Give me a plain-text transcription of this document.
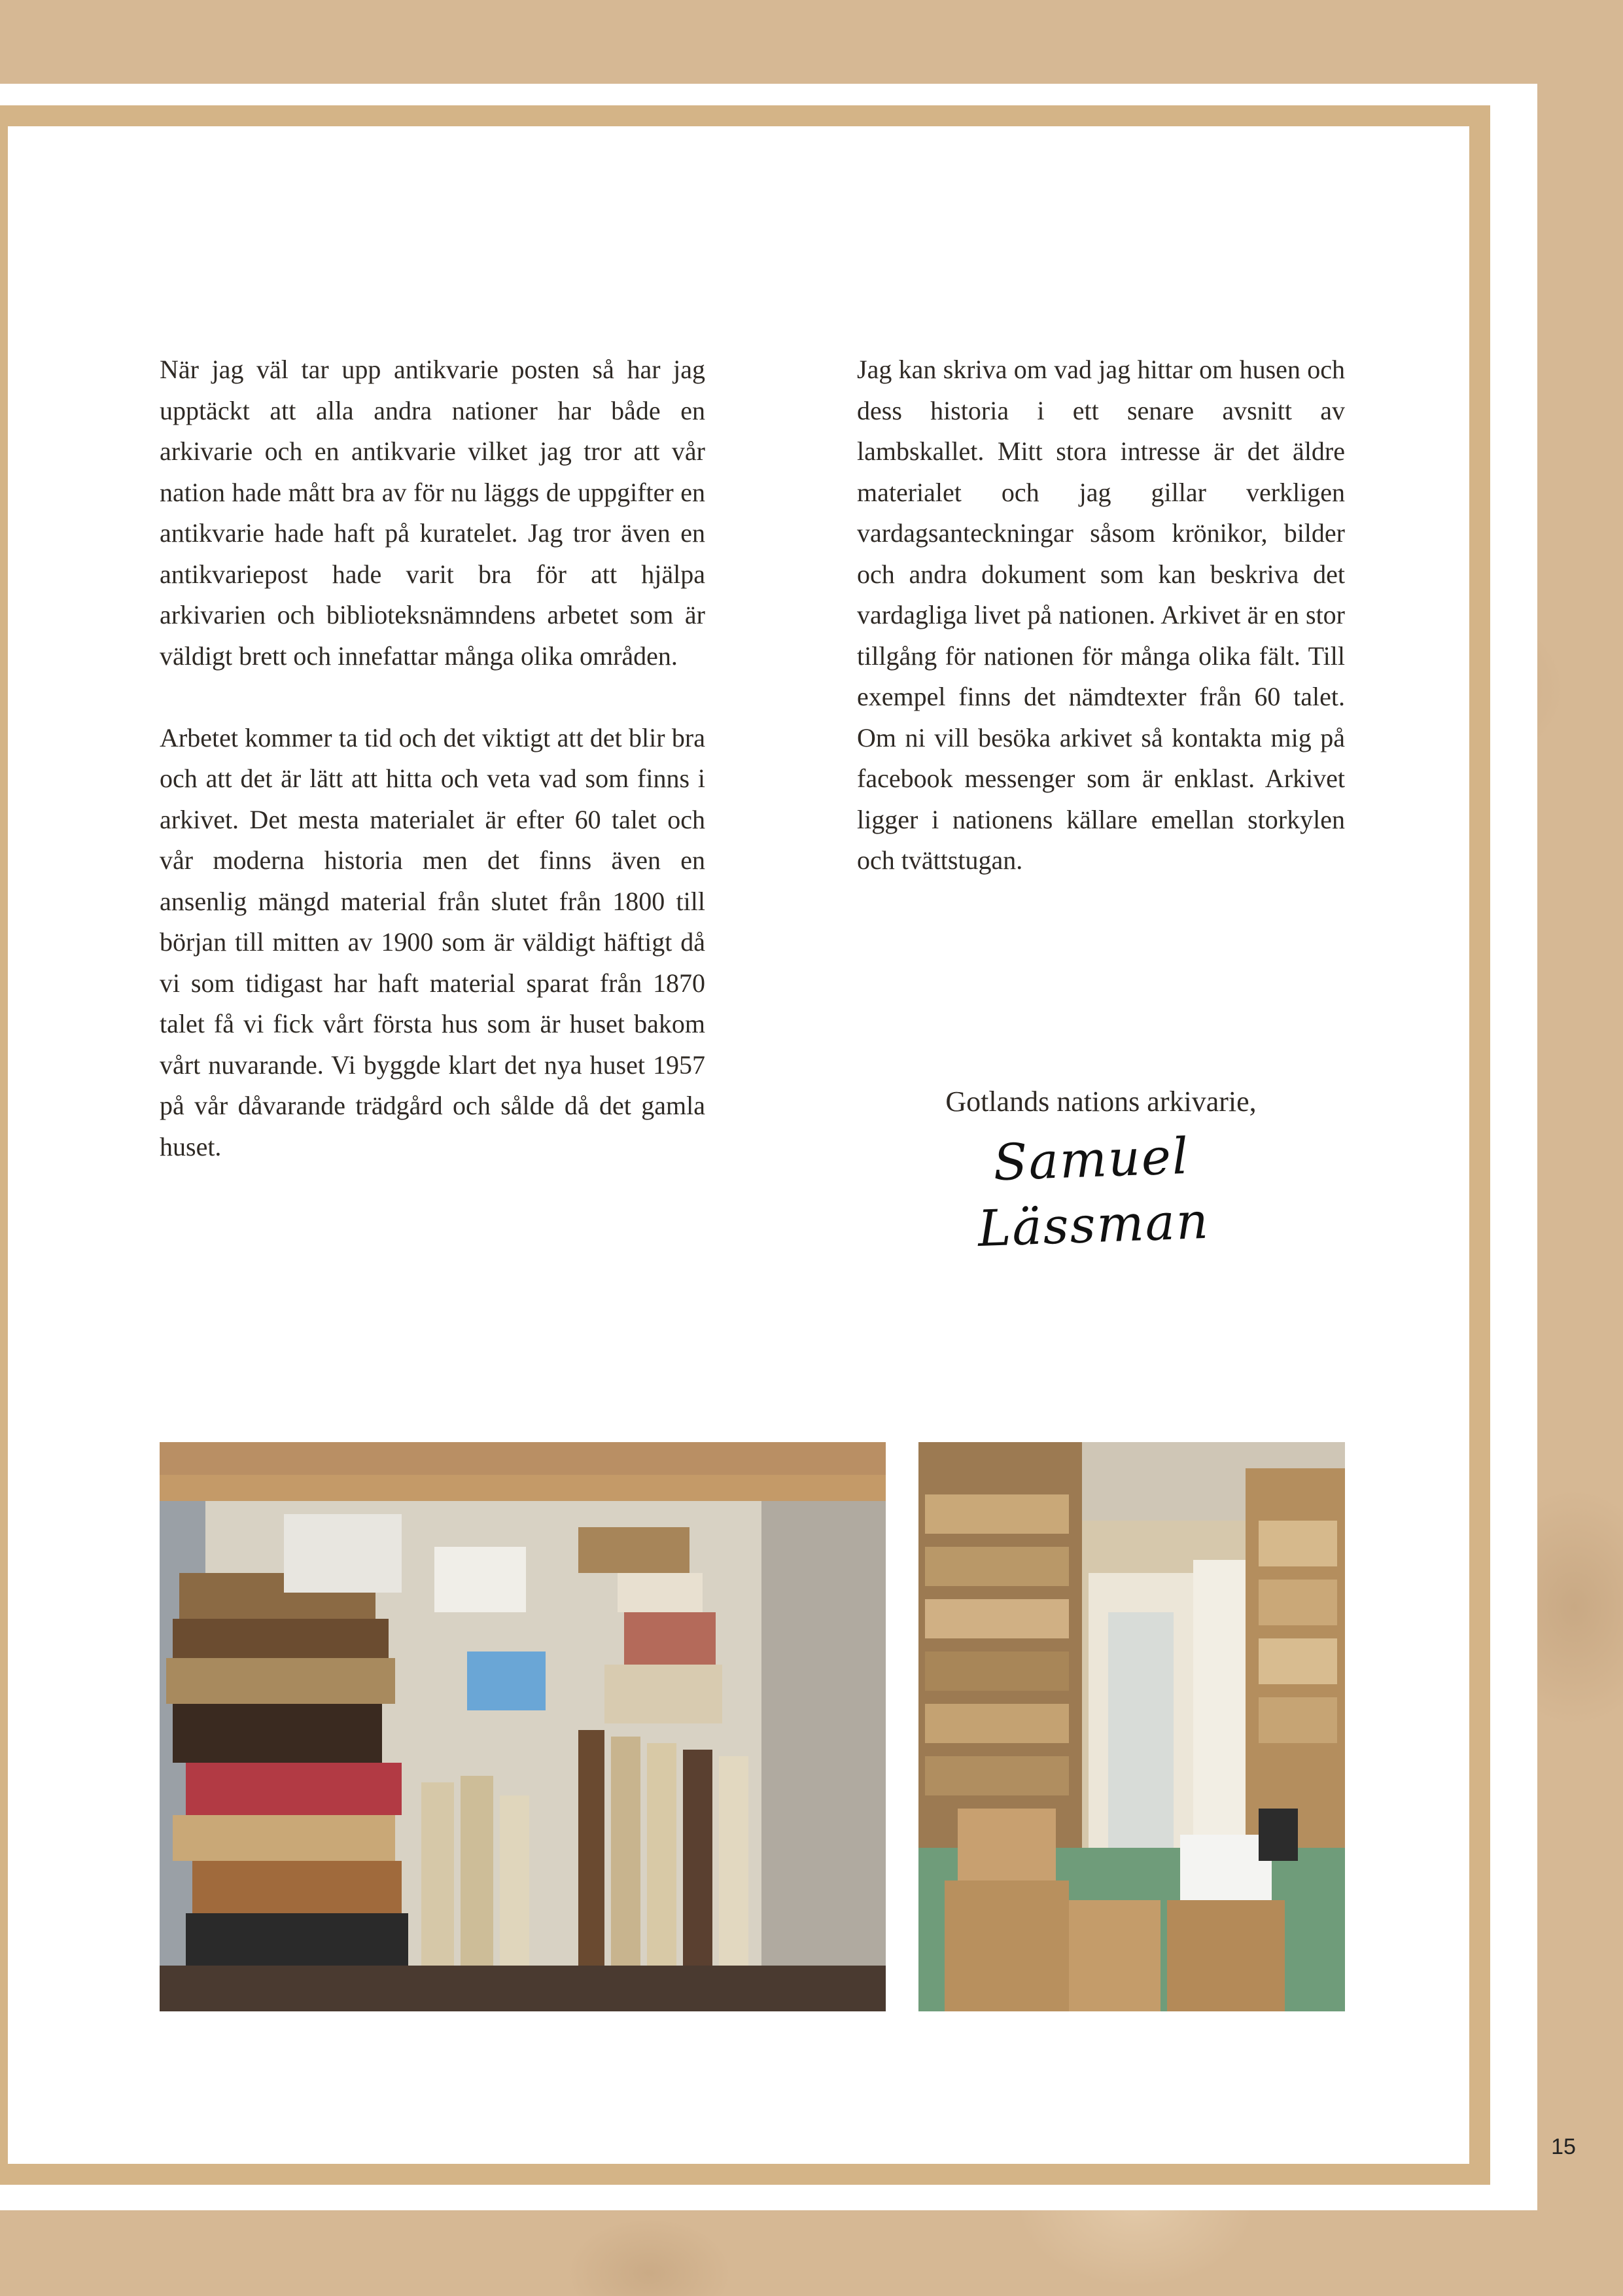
När jag väl tar upp antikvarie posten så har jag upptäckt att alla andra nationer har både en arkivarie och en antikvarie vilket jag tror att vår nation hade mått bra av för nu läggs de uppgifter en antikvarie hade haft på kuratelet. Jag tror även en antikvariepost hade varit bra för att hjälpa arkivarien och biblioteksnämndens arbetet som är väldigt brett och innefattar många olika områden.

Arbetet kommer ta tid och det viktigt att det blir bra och att det är lätt att hitta och veta vad som finns i arkivet. Det mesta materialet är efter 60 talet och vår moderna historia men det finns även en ansenlig mängd material från slutet från 1800 till början till mitten av 1900 som är väldigt häftigt då vi som tidigast har haft material sparat från 1870 talet få vi fick vårt första hus som är huset bakom vårt nuvarande. Vi byggde klart det nya huset 1957 på vår dåvarande trädgård och sålde då det gamla huset.

Jag kan skriva om vad jag hittar om husen och dess historia i ett senare avsnitt av lambskallet. Mitt stora intresse är det äldre materialet och jag gillar verkligen vardagsanteckningar såsom krönikor, bilder och andra dokument som kan beskriva det vardagliga livet på nationen. Arkivet är en stor tillgång för nationen för många olika fält. Till exempel finns det nämdtexter från 60 talet. Om ni vill besöka arkivet så kontakta mig på facebook messenger som är enklast. Arkivet ligger i nationens källare emellan storkylen och tvättstugan.

Gotlands nations arkivarie,
Samuel Lässman
15
